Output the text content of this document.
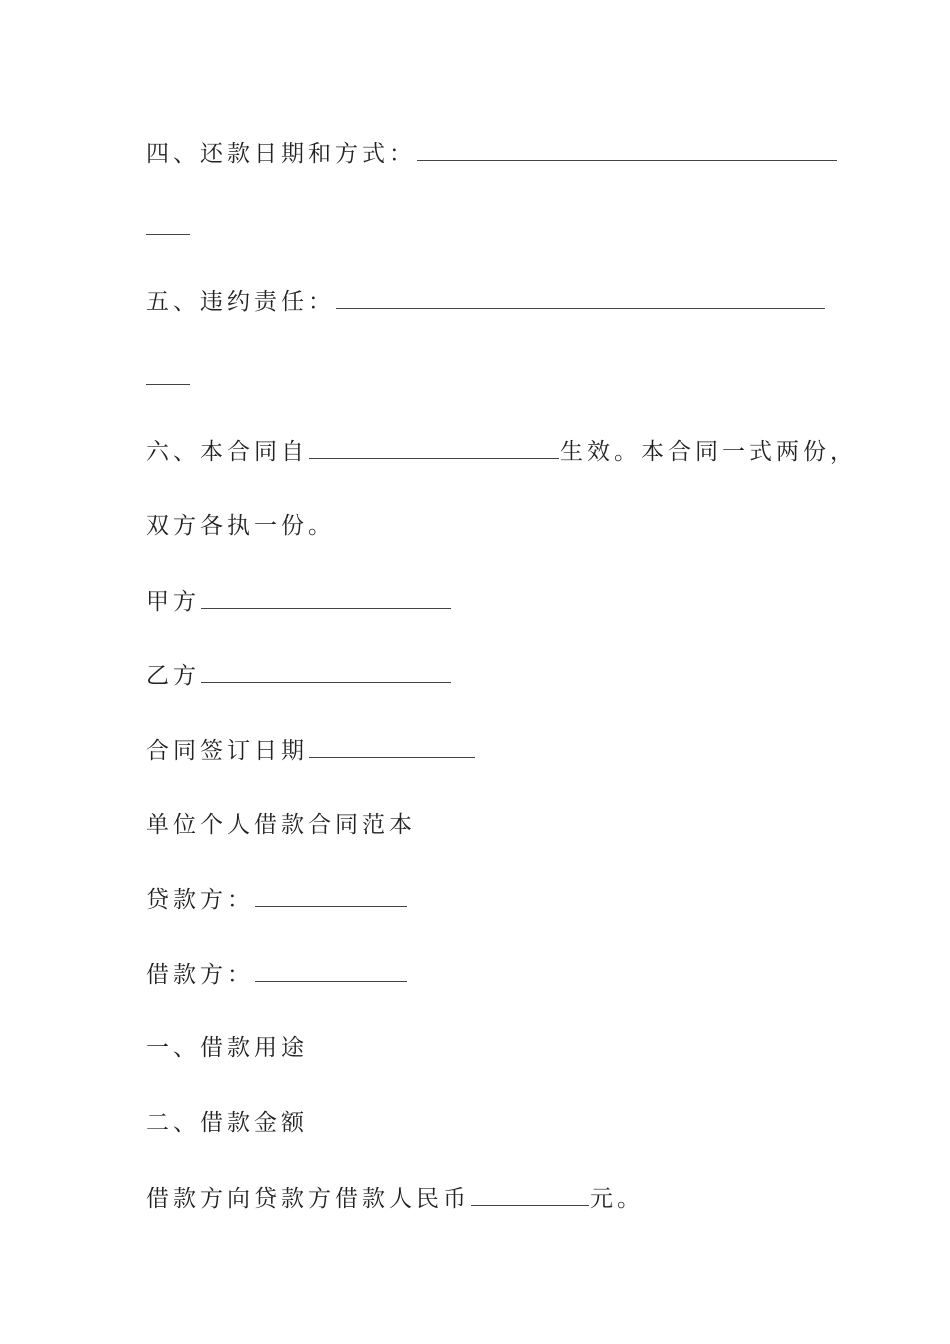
四、还款日期和方式：
五、违约责任：
六、本合同自	生效。本合同一式两份，
双方各执一份。
甲方
乙方
合同签订日期
单位个人借款合同范本
贷款方：
借款方：
一、借款用途
二、借款金额
借款方向贷款方借款人民币	元。
